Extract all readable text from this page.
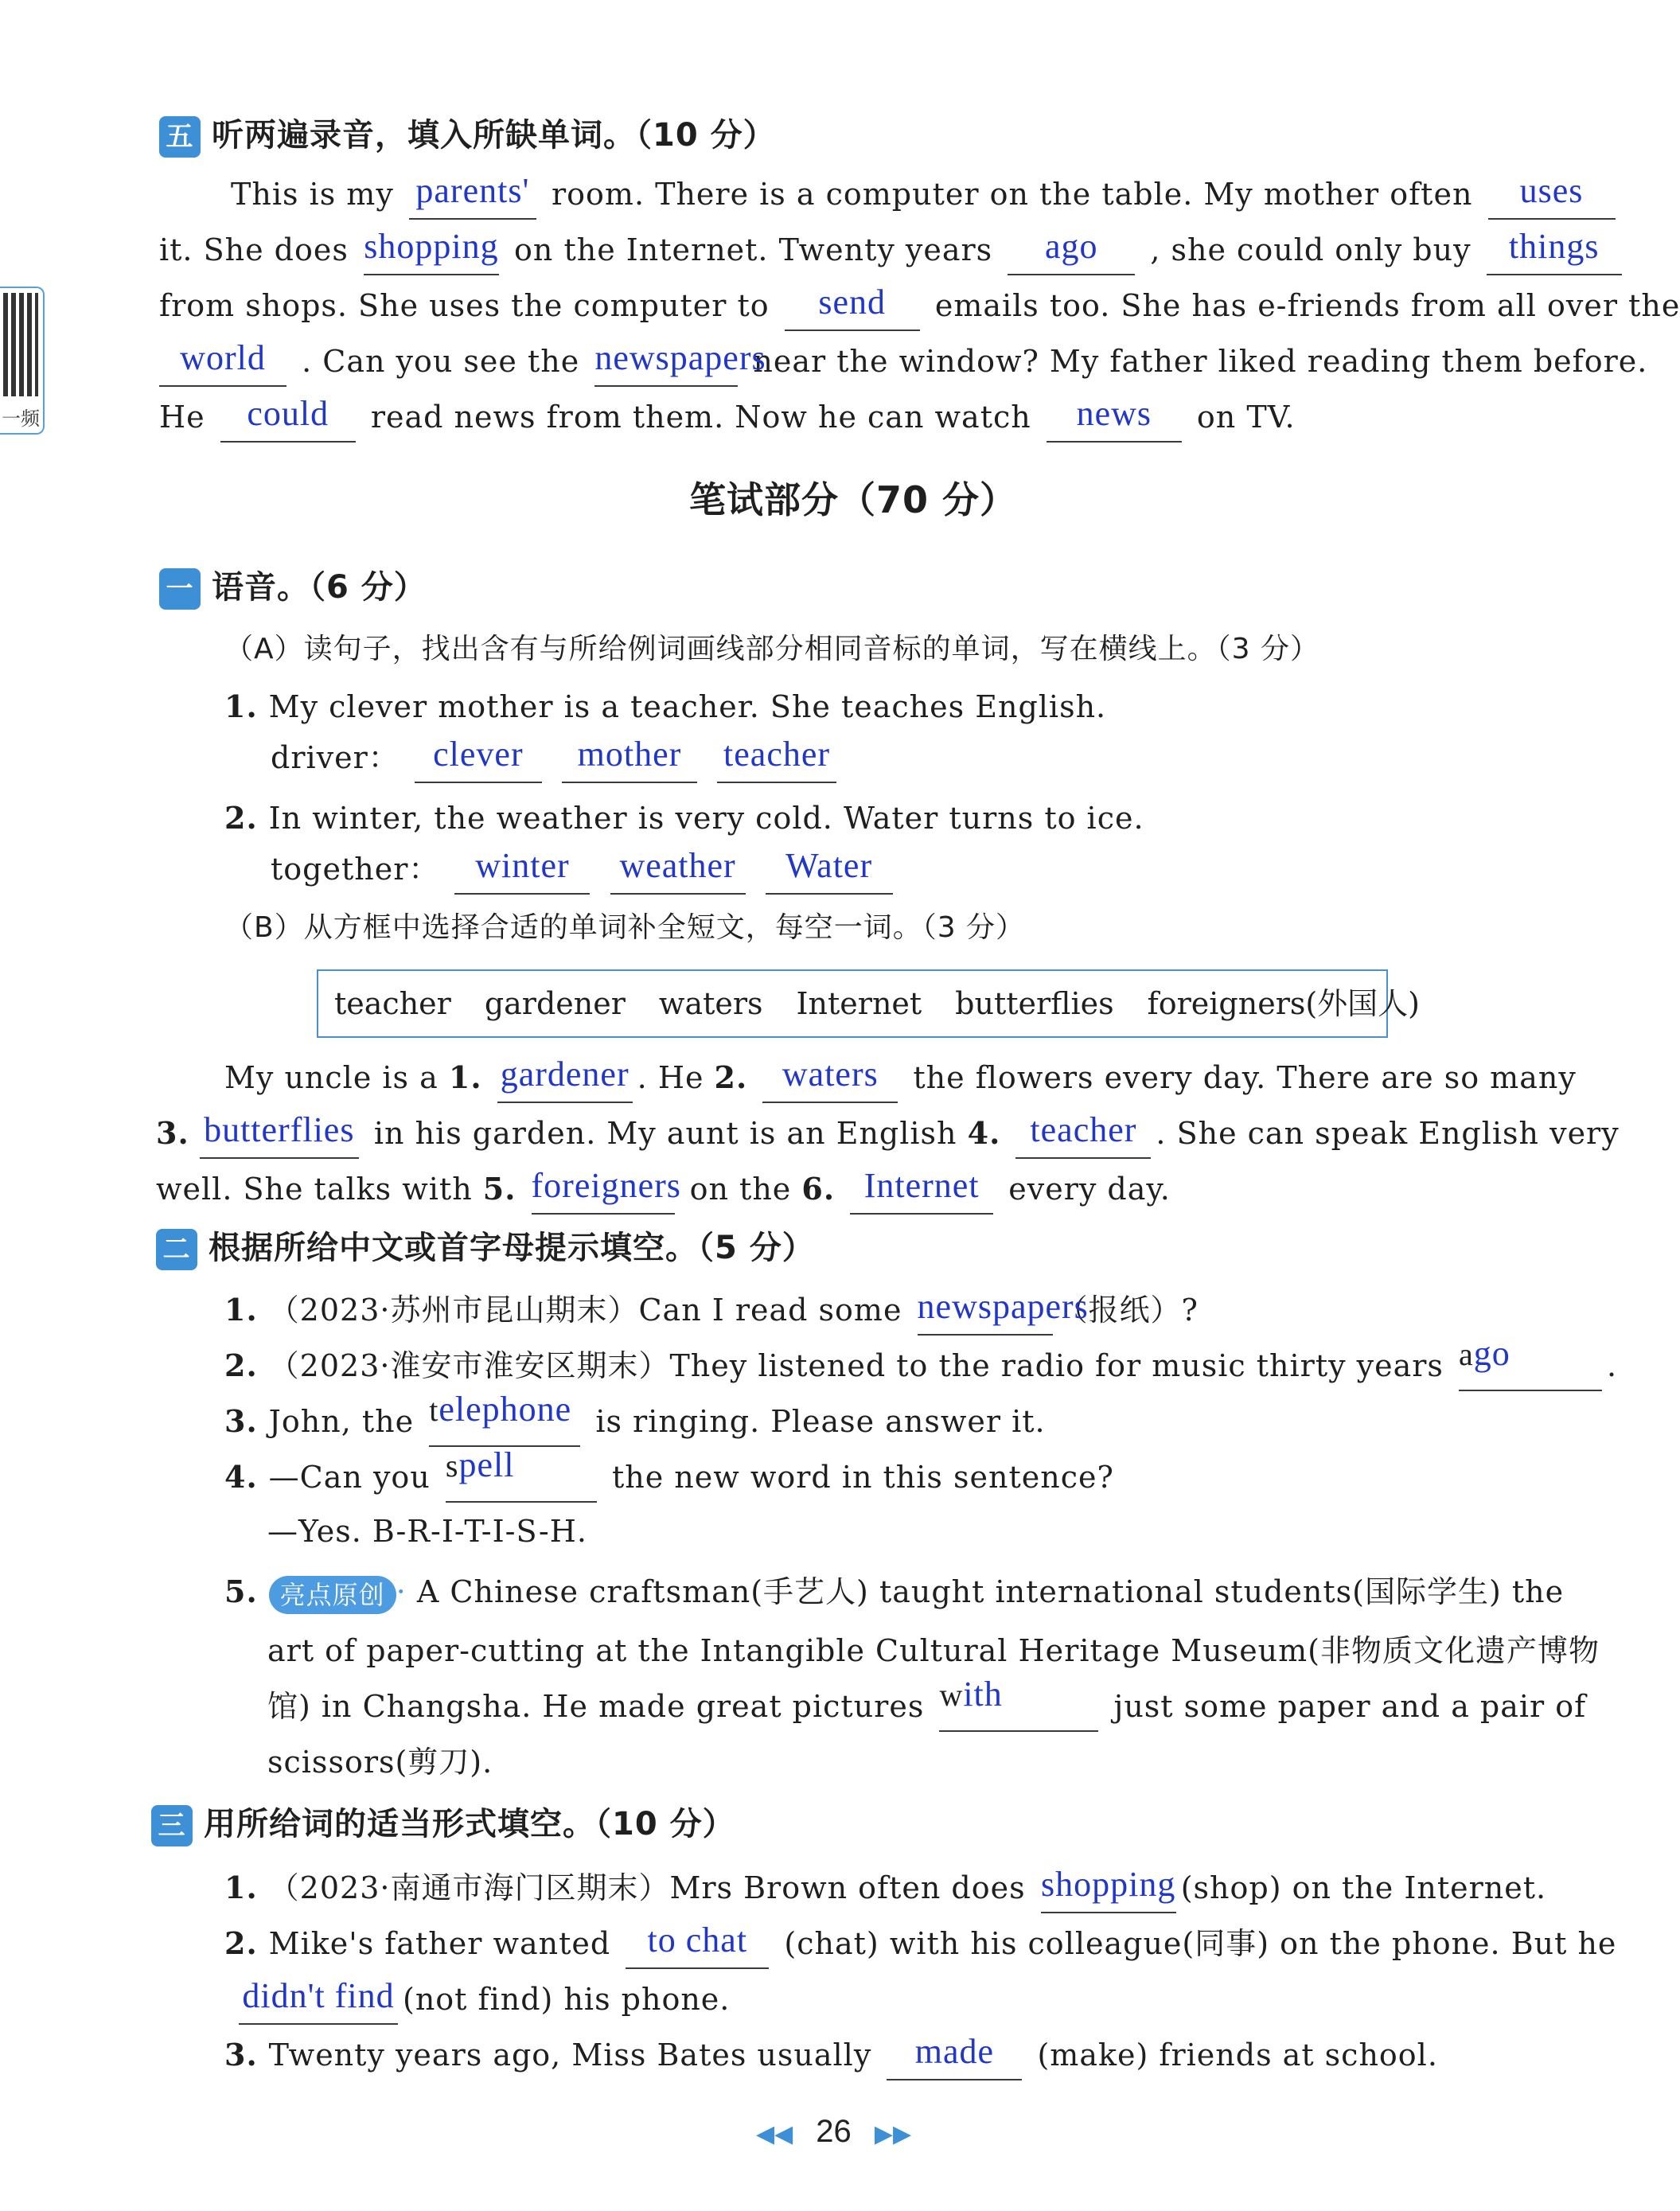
一频
五 听两遍录音，填入所缺单词。（10 分）
This is my parents' room. There is a computer on the table. My mother often	uses
it. She does shopping on the Internet. Twenty years	ago	, she could only buy	things
from shops. She uses the computer to	send	emails too. She has e-friends from all over the
world	. Can you see the newspapers
near the window? My father liked reading them before.
He	could	read news from them. Now he can watch	news	on TV.
笔试部分（70 分）
一 语音。（6 分）
（A）读句子，找出含有与所给例词画线部分相同音标的单词，写在横线上。（3 分）
1. My clever mother is a teacher. She teaches English.
driver： clever
	mother
	teacher
2. In winter, the weather is very cold. Water turns to ice.
together：	winter
	weather
	Water
（B）从方框中选择合适的单词补全短文，每空一词。（3 分）
teacher gardener waters Internet butterflies foreigners(外国人)
My uncle is a 1. gardener . He 2. waters	the flowers every day. There are so many
3. butterflies in his garden. My aunt is an English 4. teacher . She can speak English very
well. She talks with 5. foreigners on the 6. Internet every day.
二 根据所给中文或首字母提示填空。（5 分）
1. （2023·苏州市昆山期末）Can I read some newspapers
（报纸）?
2. （2023·淮安市淮安区期末）They listened to the radio for music thirty years ago	.
3. John, the telephone is ringing. Please answer it.
4. —Can you spell	the new word in this sentence?
—Yes. B-R-I-T-I-S-H.
5. 亮点原创 · A Chinese craftsman(手艺人) taught international students(国际学生) the
art of paper-cutting at the Intangible Cultural Heritage Museum(非物质文化遗产博物
馆) in Changsha. He made great pictures with	just some paper and a pair of
scissors(剪刀).
三 用所给词的适当形式填空。（10 分）
1. （2023·南通市海门区期末）Mrs Brown often does shopping (shop) on the Internet.
2. Mike's father wanted	to chat	(chat) with his colleague(同事) on the phone. But he
didn't find (not find) his phone.
3. Twenty years ago, Miss Bates usually	made	(make) friends at school.
◀◀ 26 ▶▶
